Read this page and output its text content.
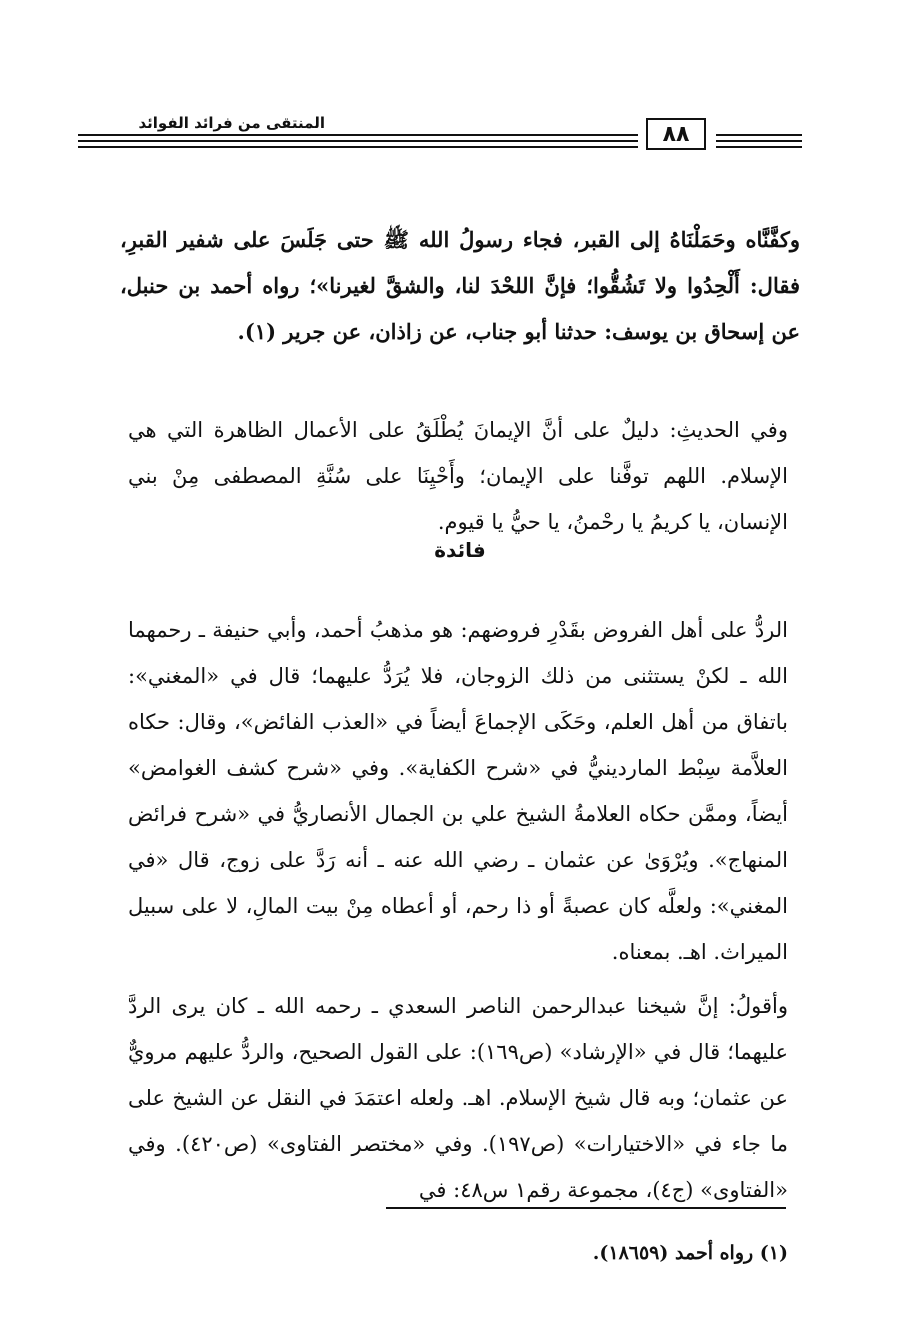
المنتقى من فرائد الفوائد	٨٨

وكفَّنَّاه وحَمَلْنَاهُ إلى القبر، فجاء رسولُ الله ﷺ حتى جَلَسَ على شفير القبرِ، فقال: أَلْحِدُوا ولا تَشُقُّوا؛ فإنَّ اللحْدَ لنا، والشقَّ لغيرنا»؛ رواه أحمد بن حنبل، عن إسحاق بن يوسف: حدثنا أبو جناب، عن زاذان، عن جرير (١).

وفي الحديثِ: دليلٌ على أنَّ الإيمانَ يُطْلَقُ على الأعمال الظاهرة التي هي الإسلام. اللهم توفَّنا على الإيمان؛ وأَحْيِنَا على سُنَّةِ المصطفى مِنْ بني الإنسان، يا كريمُ يا رحْمنُ، يا حيُّ يا قيوم.

فائدة

الردُّ على أهل الفروض بقَدْرِ فروضهم: هو مذهبُ أحمد، وأبي حنيفة ـ رحمهما الله ـ لكنْ يستثنى من ذلك الزوجان، فلا يُرَدُّ عليهما؛ قال في «المغني»: باتفاق من أهل العلم، وحَكَى الإجماعَ أيضاً في «العذب الفائض»، وقال: حكاه العلاَّمة سِبْط الماردينيُّ في «شرح الكفاية». وفي «شرح كشف الغوامض» أيضاً، وممَّن حكاه العلامةُ الشيخ علي بن الجمال الأنصاريُّ في «شرح فرائض المنهاج». ويُرْوَىٰ عن عثمان ـ رضي الله عنه ـ أنه رَدَّ على زوج، قال «في المغني»: ولعلَّه كان عصبةً أو ذا رحم، أو أعطاه مِنْ بيت المالِ، لا على سبيل الميراث. اهـ. بمعناه.

وأقولُ: إنَّ شيخنا عبدالرحمن الناصر السعدي ـ رحمه الله ـ كان يرى الردَّ عليهما؛ قال في «الإرشاد» (ص١٦٩): على القول الصحيح، والردُّ عليهم مرويٌّ عن عثمان؛ وبه قال شيخ الإسلام. اهـ. ولعله اعتمَدَ في النقل عن الشيخ على ما جاء في «الاختيارات» (ص١٩٧). وفي «مختصر الفتاوى» (ص٤٢٠). وفي «الفتاوى» (ج٤)، مجموعة رقم١ س٤٨: في

(١) رواه أحمد (١٨٦٥٩).
